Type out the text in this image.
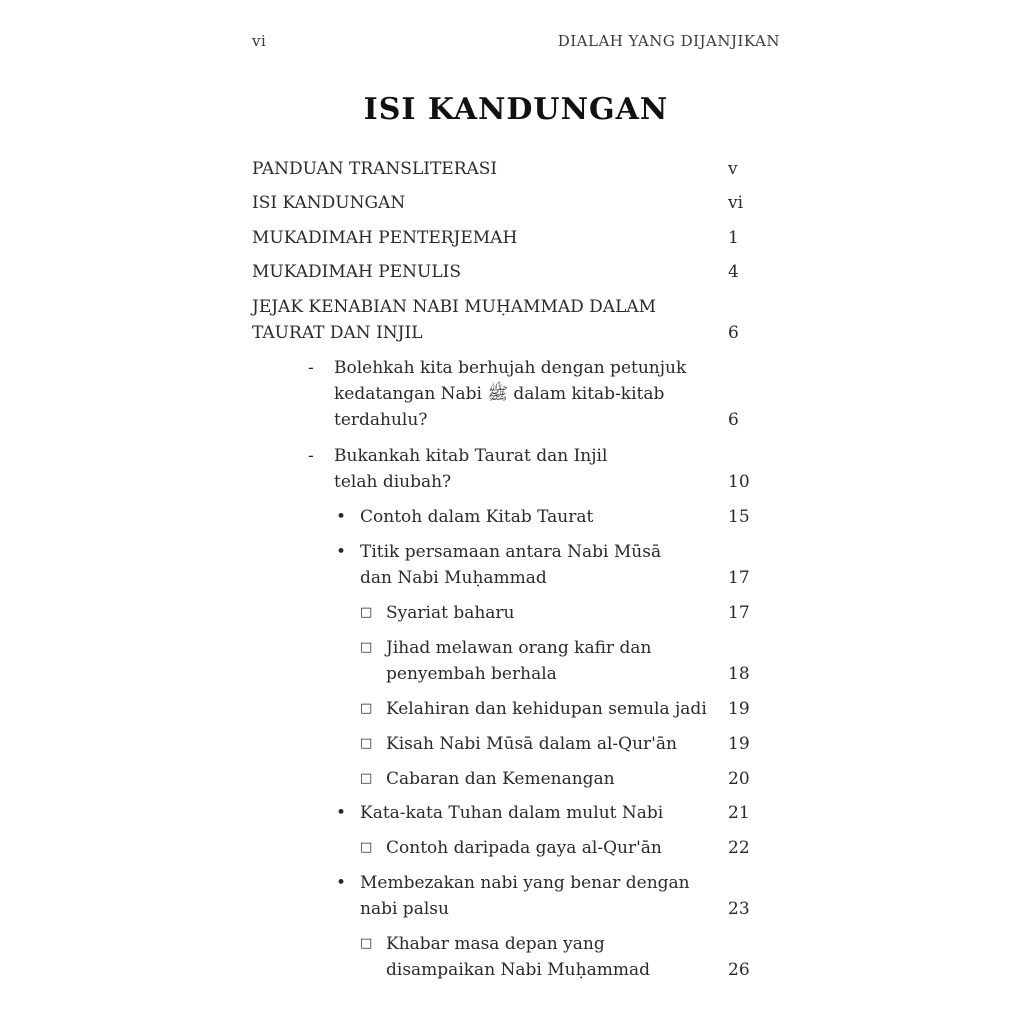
vi	DIALAH YANG DIJANJIKAN
ISI KANDUNGAN
PANDUAN TRANSLITERASI	v
ISI KANDUNGAN	vi
MUKADIMAH PENTERJEMAH	1
MUKADIMAH PENULIS	4
JEJAK KENABIAN NABI MUḤAMMAD DALAM TAURAT DAN INJIL	6
- Bolehkah kita berhujah dengan petunjuk kedatangan Nabi ﷺ dalam kitab-kitab terdahulu?	6
- Bukankah kitab Taurat dan Injil telah diubah?	10
• Contoh dalam Kitab Taurat	15
• Titik persamaan antara Nabi Mūsā dan Nabi Muḥammad	17
□ Syariat baharu	17
□ Jihad melawan orang kafir dan penyembah berhala	18
□ Kelahiran dan kehidupan semula jadi	19
□ Kisah Nabi Mūsā dalam al-Qur'ān	19
□ Cabaran dan Kemenangan	20
• Kata-kata Tuhan dalam mulut Nabi	21
□ Contoh daripada gaya al-Qur'ān	22
• Membezakan nabi yang benar dengan nabi palsu	23
□ Khabar masa depan yang disampaikan Nabi Muḥammad	26
